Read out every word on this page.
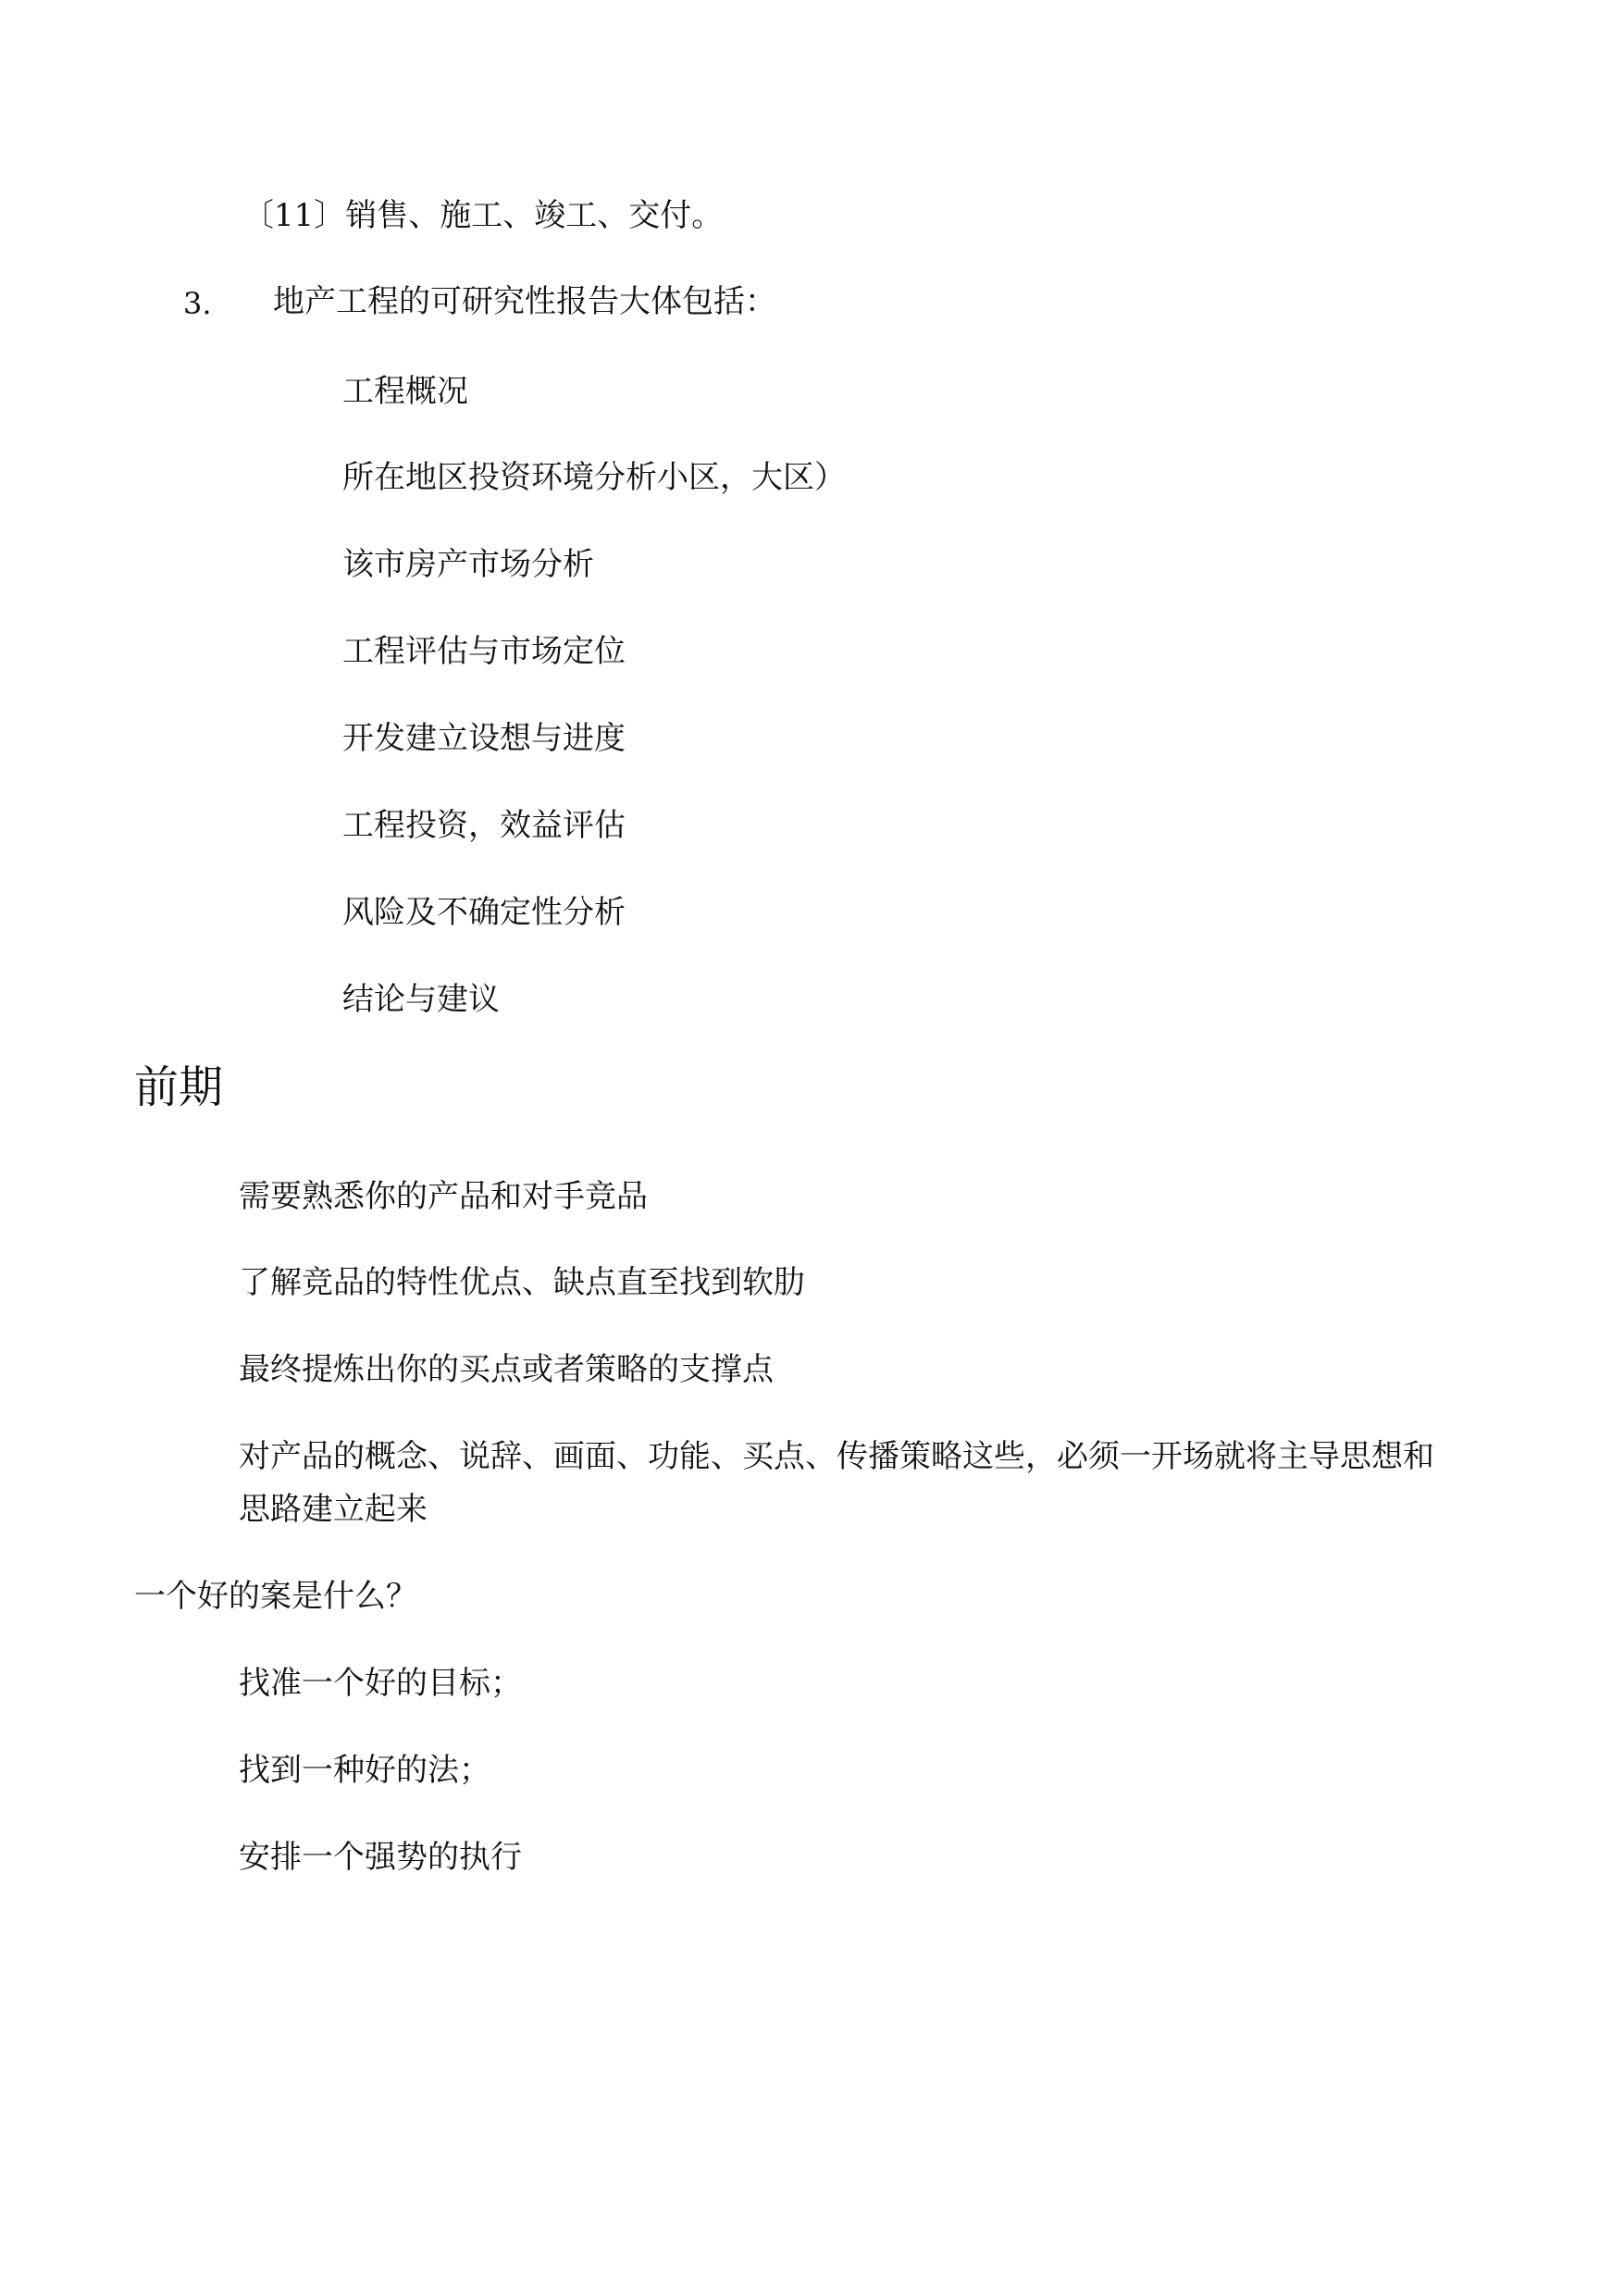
〔11〕销售、施工、竣工、交付。
3. 地产工程的可研究性报告大体包括：
工程概况
所在地区投资环境分析小区，大区）
该市房产市场分析
工程评估与市场定位
开发建立设想与进度
工程投资，效益评估
风险及不确定性分析
结论与建议
前期
需要熟悉你的产品和对手竞品
了解竞品的特性优点、缺点直至找到软肋
最终提炼出你的买点或者策略的支撑点
对产品的概念、说辞、画面、功能、买点、传播策略这些，必须一开场就将主导思想和
思路建立起来
一个好的案是什么？
找准一个好的目标；
找到一种好的法；
安排一个强势的执行
